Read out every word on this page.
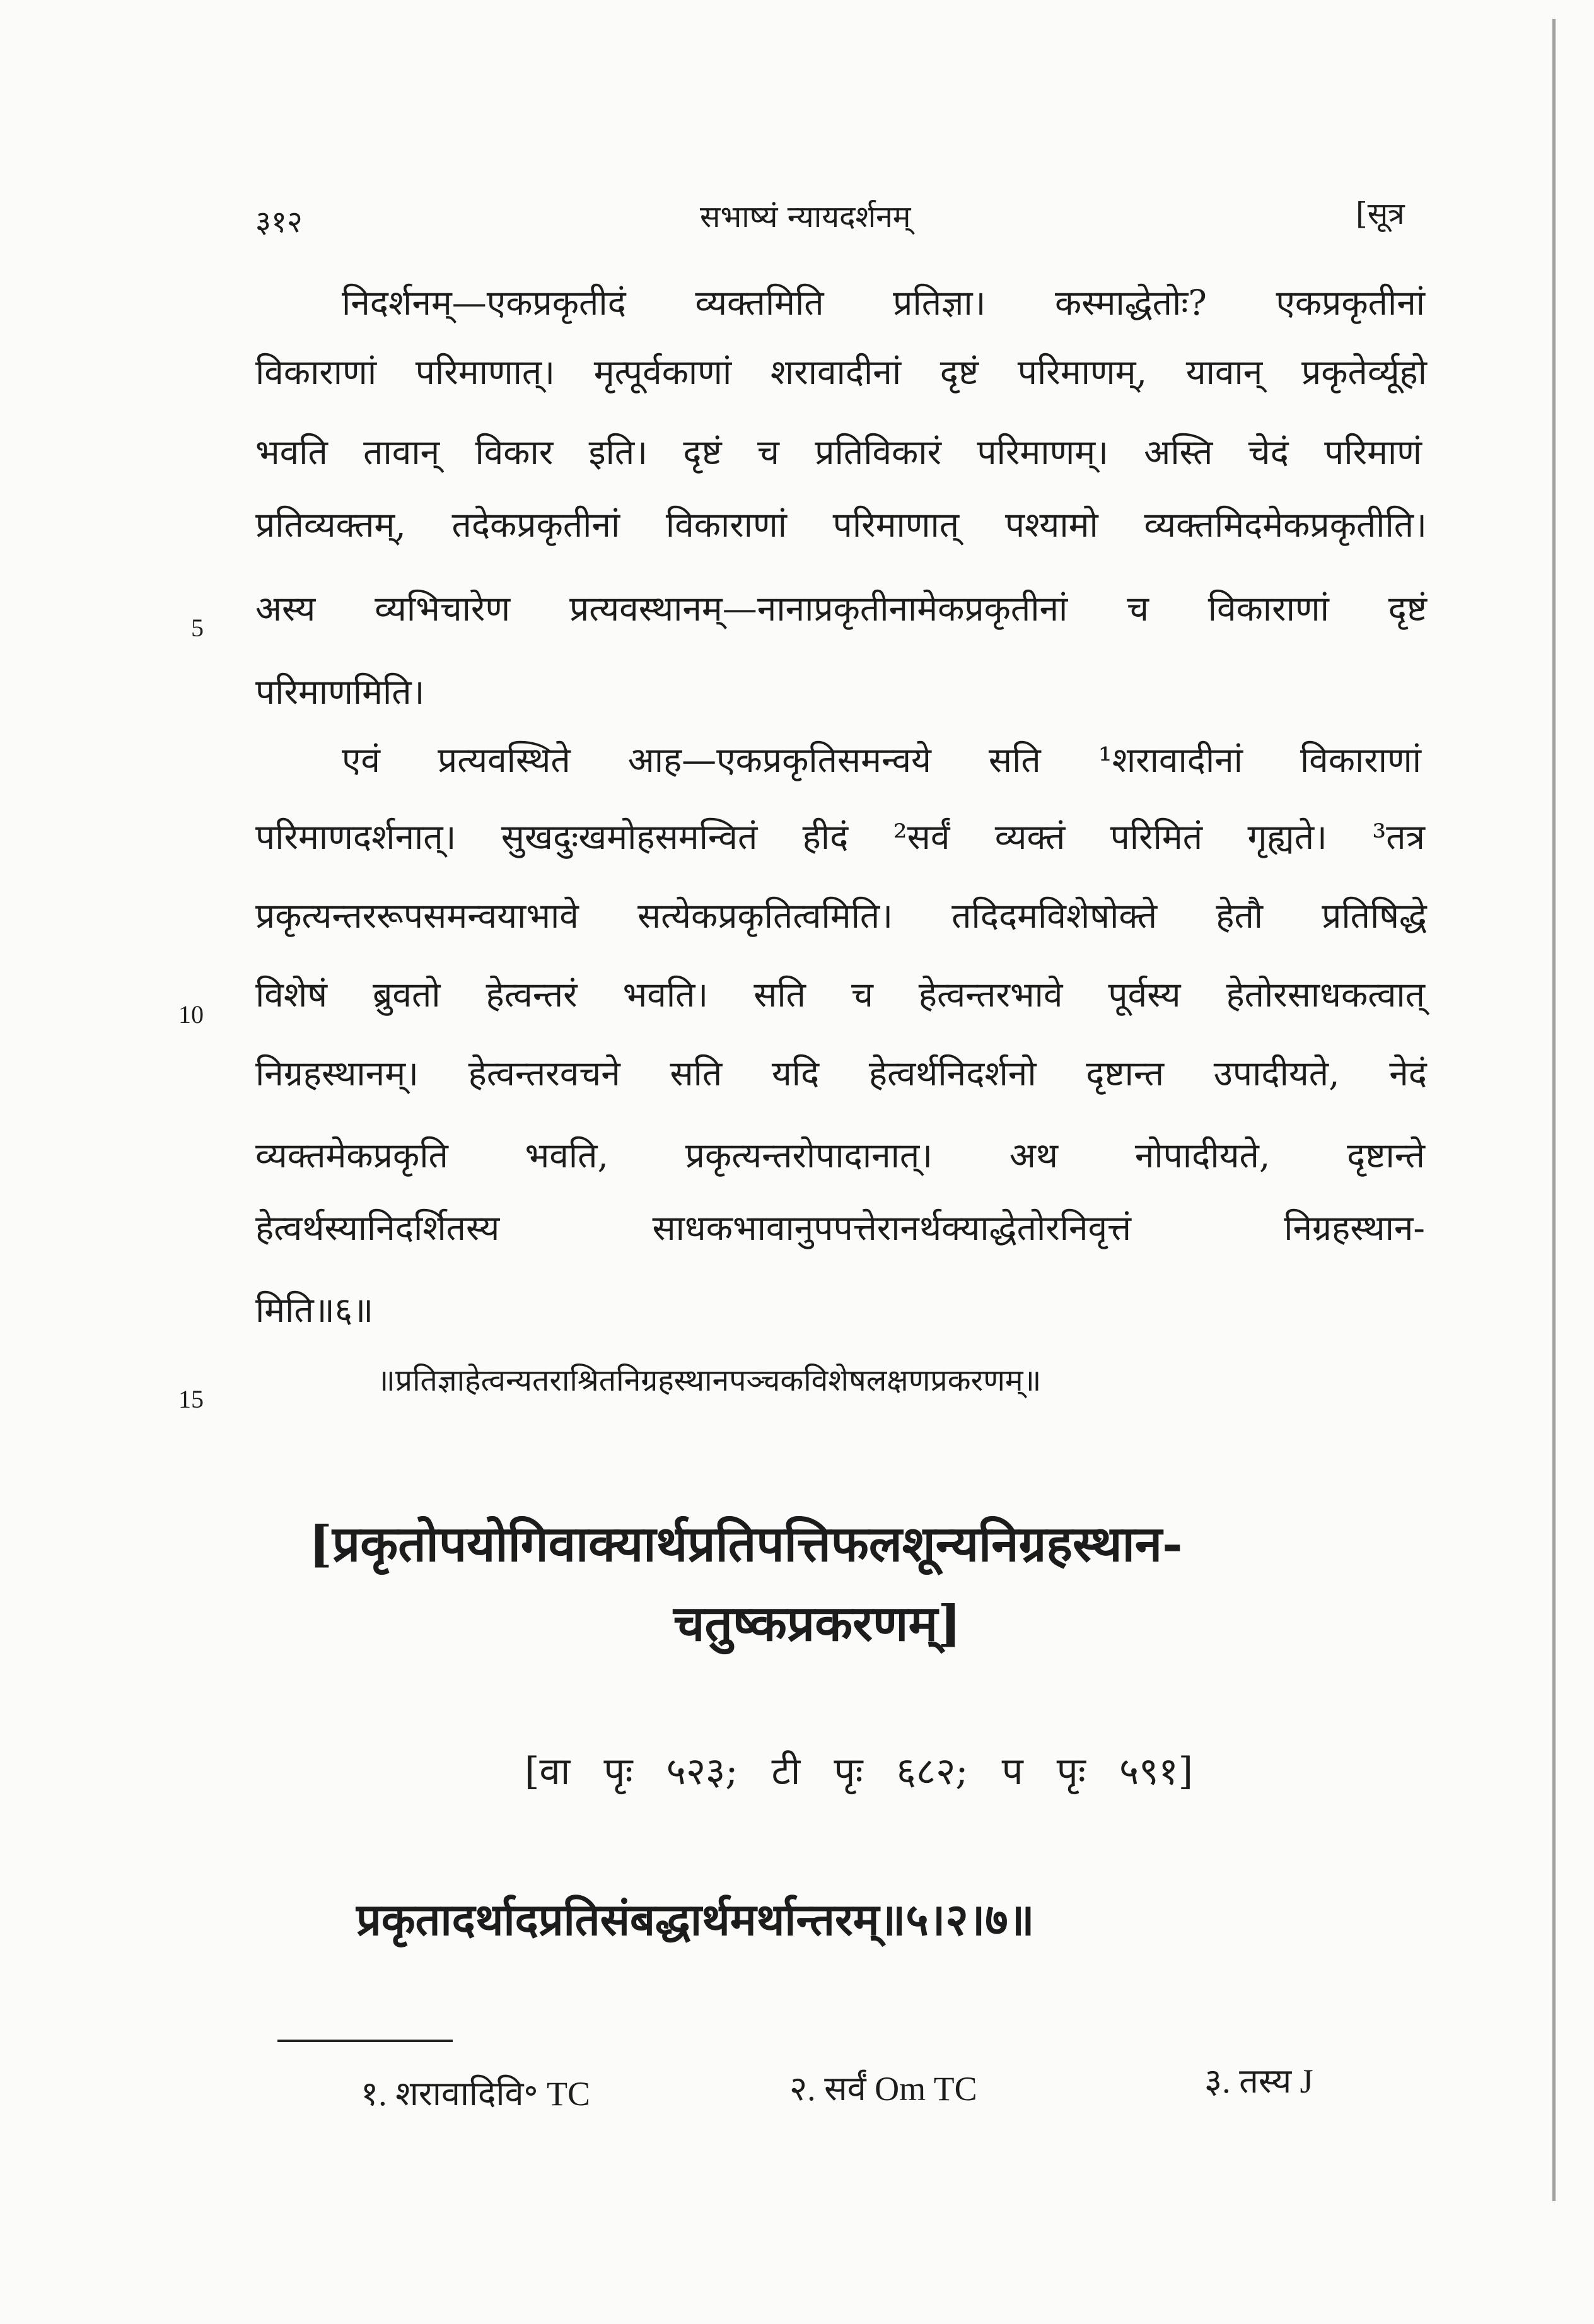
३१२	सभाष्यं न्यायदर्शनम्	[सूत्र
निदर्शनम्—एकप्रकृतीदं व्यक्तमिति प्रतिज्ञा। कस्माद्धेतोः? एकप्रकृतीनां
विकाराणां परिमाणात्। मृत्पूर्वकाणां शरावादीनां दृष्टं परिमाणम्, यावान् प्रकृतेर्व्यूहो
भवति तावान् विकार इति। दृष्टं च प्रतिविकारं परिमाणम्। अस्ति चेदं परिमाणं
प्रतिव्यक्तम्, तदेकप्रकृतीनां विकाराणां परिमाणात् पश्यामो व्यक्तमिदमेकप्रकृतीति।
अस्य व्यभिचारेण प्रत्यवस्थानम्—नानाप्रकृतीनामेकप्रकृतीनां च विकाराणां दृष्टं
परिमाणमिति।
एवं प्रत्यवस्थिते आह—एकप्रकृतिसमन्वये सति ¹शरावादीनां विकाराणां
परिमाणदर्शनात्। सुखदुःखमोहसमन्वितं हीदं ²सर्वं व्यक्तं परिमितं गृह्यते। ³तत्र
प्रकृत्यन्तररूपसमन्वयाभावे सत्येकप्रकृतित्वमिति। तदिदमविशेषोक्ते हेतौ प्रतिषिद्धे
विशेषं ब्रुवतो हेत्वन्तरं भवति। सति च हेत्वन्तरभावे पूर्वस्य हेतोरसाधकत्वात्
निग्रहस्थानम्। हेत्वन्तरवचने सति यदि हेत्वर्थनिदर्शनो दृष्टान्त उपादीयते, नेदं
व्यक्तमेकप्रकृति भवति, प्रकृत्यन्तरोपादानात्। अथ नोपादीयते, दृष्टान्ते
हेत्वर्थस्यानिदर्शितस्य साधकभावानुपपत्तेरानर्थक्याद्धेतोरनिवृत्तं निग्रहस्थान-
मिति॥६॥
॥प्रतिज्ञाहेत्वन्यतराश्रितनिग्रहस्थानपञ्चकविशेषलक्षणप्रकरणम्॥
5
10
15
[प्रकृतोपयोगिवाक्यार्थप्रतिपत्तिफलशून्यनिग्रहस्थान-
चतुष्कप्रकरणम्]
[वा पृः ५२३; टी पृः ६८२; प पृः ५९१]
प्रकृतादर्थादप्रतिसंबद्धार्थमर्थान्तरम्॥५।२।७॥
१. शरावादिवि॰ TC	२. सर्वं Om TC	३. तस्य J
